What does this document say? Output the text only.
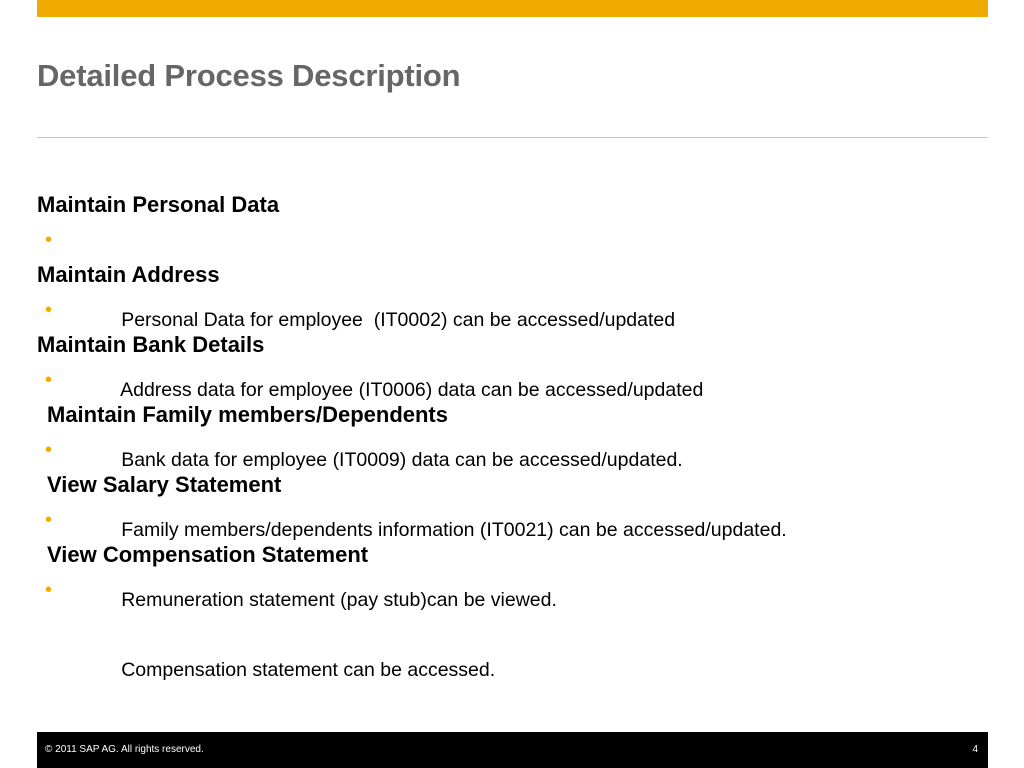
Detailed Process Description
Maintain Personal Data

•

Personal Data for employee  (IT0002) can be accessed/updated

Maintain Address

•

Address data for employee (IT0006) data can be accessed/updated

Maintain Bank Details

•

Bank data for employee (IT0009) data can be accessed/updated.

Maintain Family members/Dependents

•

Family members/dependents information (IT0021) can be accessed/updated.

View Salary Statement

•

Remuneration statement (pay stub)can be viewed.

View Compensation Statement

•

Compensation statement can be accessed.

© 2011 SAP AG. All rights reserved.	4
